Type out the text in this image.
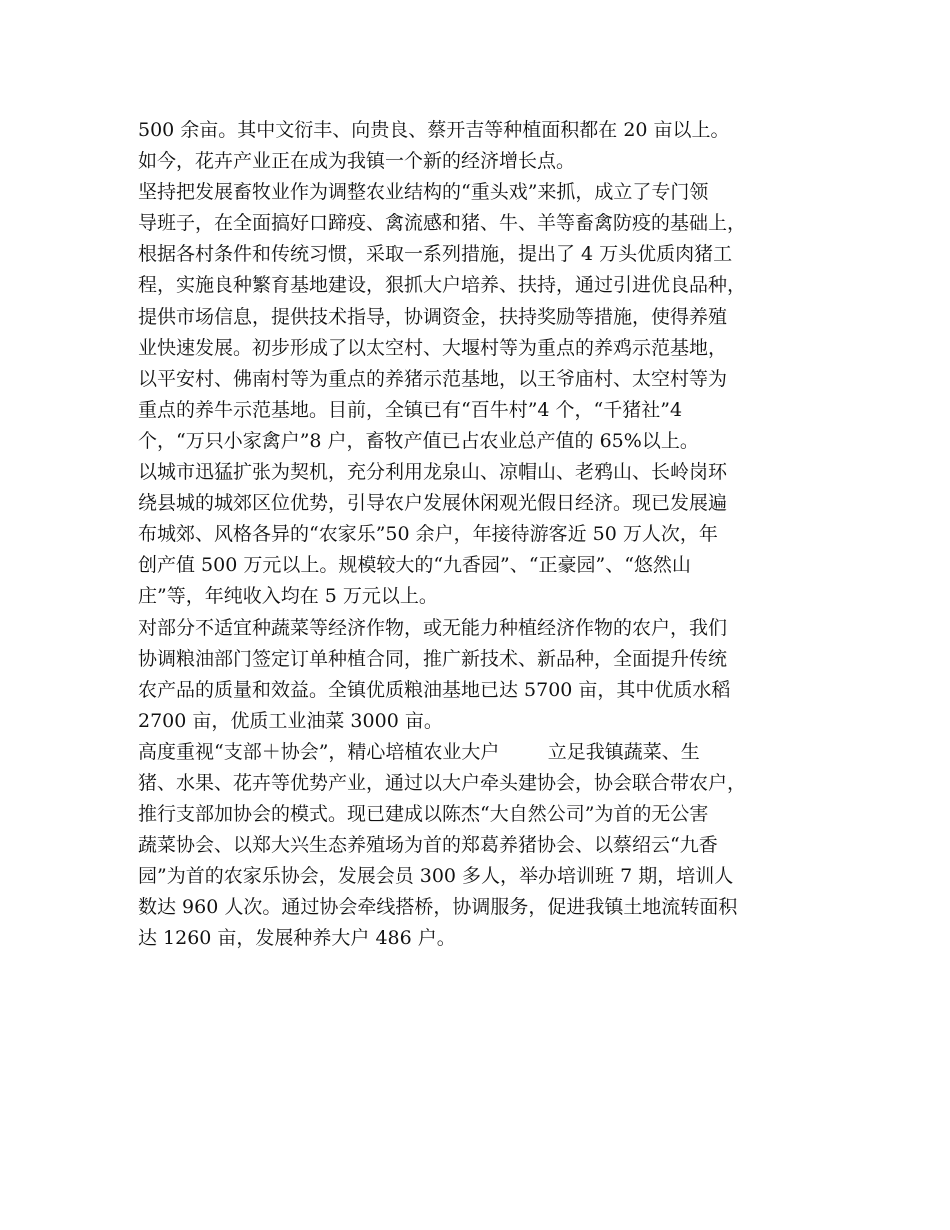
500 余亩。其中文衍丰、向贵良、蔡开吉等种植面积都在 20 亩以上。
如今，花卉产业正在成为我镇一个新的经济增长点。
坚持把发展畜牧业作为调整农业结构的“重头戏”来抓，成立了专门领
导班子，在全面搞好口蹄疫、禽流感和猪、牛、羊等畜禽防疫的基础上，
根据各村条件和传统习惯，采取一系列措施，提出了 4 万头优质肉猪工
程，实施良种繁育基地建设，狠抓大户培养、扶持，通过引进优良品种，
提供市场信息，提供技术指导，协调资金，扶持奖励等措施，使得养殖
业快速发展。初步形成了以太空村、大堰村等为重点的养鸡示范基地，
以平安村、佛南村等为重点的养猪示范基地，以王爷庙村、太空村等为
重点的养牛示范基地。目前，全镇已有“百牛村”4 个，“千猪社”4
个，“万只小家禽户”8 户，畜牧产值已占农业总产值的 65%以上。
以城市迅猛扩张为契机，充分利用龙泉山、凉帽山、老鸦山、长岭岗环
绕县城的城郊区位优势，引导农户发展休闲观光假日经济。现已发展遍
布城郊、风格各异的“农家乐”50 余户，年接待游客近 50 万人次，年
创产值 500 万元以上。规模较大的“九香园”、“正豪园”、“悠然山
庄”等，年纯收入均在 5 万元以上。
对部分不适宜种蔬菜等经济作物，或无能力种植经济作物的农户，我们
协调粮油部门签定订单种植合同，推广新技术、新品种，全面提升传统
农产品的质量和效益。全镇优质粮油基地已达 5700 亩，其中优质水稻
2700 亩，优质工业油菜 3000 亩。
高度重视“支部＋协会”，精心培植农业大户        立足我镇蔬菜、生
猪、水果、花卉等优势产业，通过以大户牵头建协会，协会联合带农户，
推行支部加协会的模式。现已建成以陈杰“大自然公司”为首的无公害
蔬菜协会、以郑大兴生态养殖场为首的郑葛养猪协会、以蔡绍云“九香
园”为首的农家乐协会，发展会员 300 多人，举办培训班 7 期，培训人
数达 960 人次。通过协会牵线搭桥，协调服务，促进我镇土地流转面积
达 1260 亩，发展种养大户 486 户。
